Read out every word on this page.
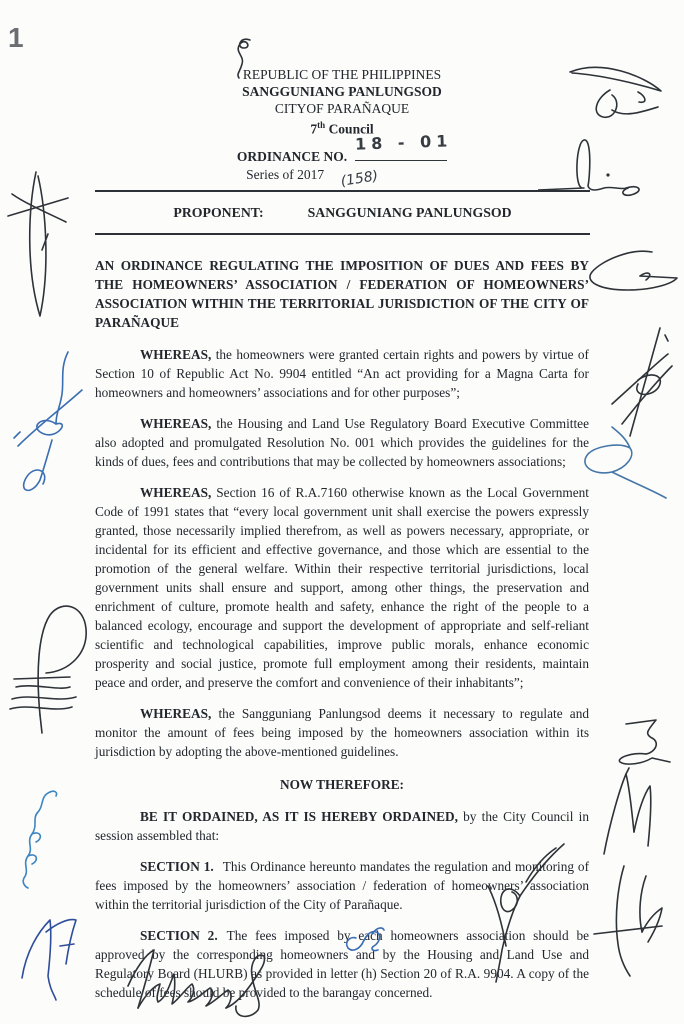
1
REPUBLIC OF THE PHILIPPINES
SANGGUNIANG PANLUNGSOD
CITYOF PARAÑAQUE
7th Council
ORDINANCE NO.
18 - 01
Series of 2017 (158)
PROPONENT:	SANGGUNIANG PANLUNGSOD

AN ORDINANCE REGULATING THE IMPOSITION OF DUES AND FEES BY THE HOMEOWNERS’ ASSOCIATION / FEDERATION OF HOMEOWNERS’ ASSOCIATION WITHIN THE TERRITORIAL JURISDICTION OF THE CITY OF PARAÑAQUE

WHEREAS, the homeowners were granted certain rights and powers by virtue of Section 10 of Republic Act No. 9904 entitled “An act providing for a Magna Carta for homeowners and homeowners’ associations and for other purposes”;

WHEREAS, the Housing and Land Use Regulatory Board Executive Committee also adopted and promulgated Resolution No. 001 which provides the guidelines for the kinds of dues, fees and contributions that may be collected by homeowners associations;

WHEREAS, Section 16 of R.A.7160 otherwise known as the Local Government Code of 1991 states that “every local government unit shall exercise the powers expressly granted, those necessarily implied therefrom, as well as powers necessary, appropriate, or incidental for its efficient and effective governance, and those which are essential to the promotion of the general welfare. Within their respective territorial jurisdictions, local government units shall ensure and support, among other things, the preservation and enrichment of culture, promote health and safety, enhance the right of the people to a balanced ecology, encourage and support the development of appropriate and self-reliant scientific and technological capabilities, improve public morals, enhance economic prosperity and social justice, promote full employment among their residents, maintain peace and order, and preserve the comfort and convenience of their inhabitants”;

WHEREAS, the Sangguniang Panlungsod deems it necessary to regulate and monitor the amount of fees being imposed by the homeowners association within its jurisdiction by adopting the above-mentioned guidelines.

NOW THEREFORE:

BE IT ORDAINED, AS IT IS HEREBY ORDAINED, by the City Council in session assembled that:

SECTION 1. This Ordinance hereunto mandates the regulation and monitoring of fees imposed by the homeowners’ association / federation of homeowners’ association within the territorial jurisdiction of the City of Parañaque.

SECTION 2. The fees imposed by each homeowners association should be approved by the corresponding homeowners and by the Housing and Land Use and Regulatory Board (HLURB) as provided in letter (h) Section 20 of R.A. 9904. A copy of the schedule of fees should be provided to the barangay concerned.
